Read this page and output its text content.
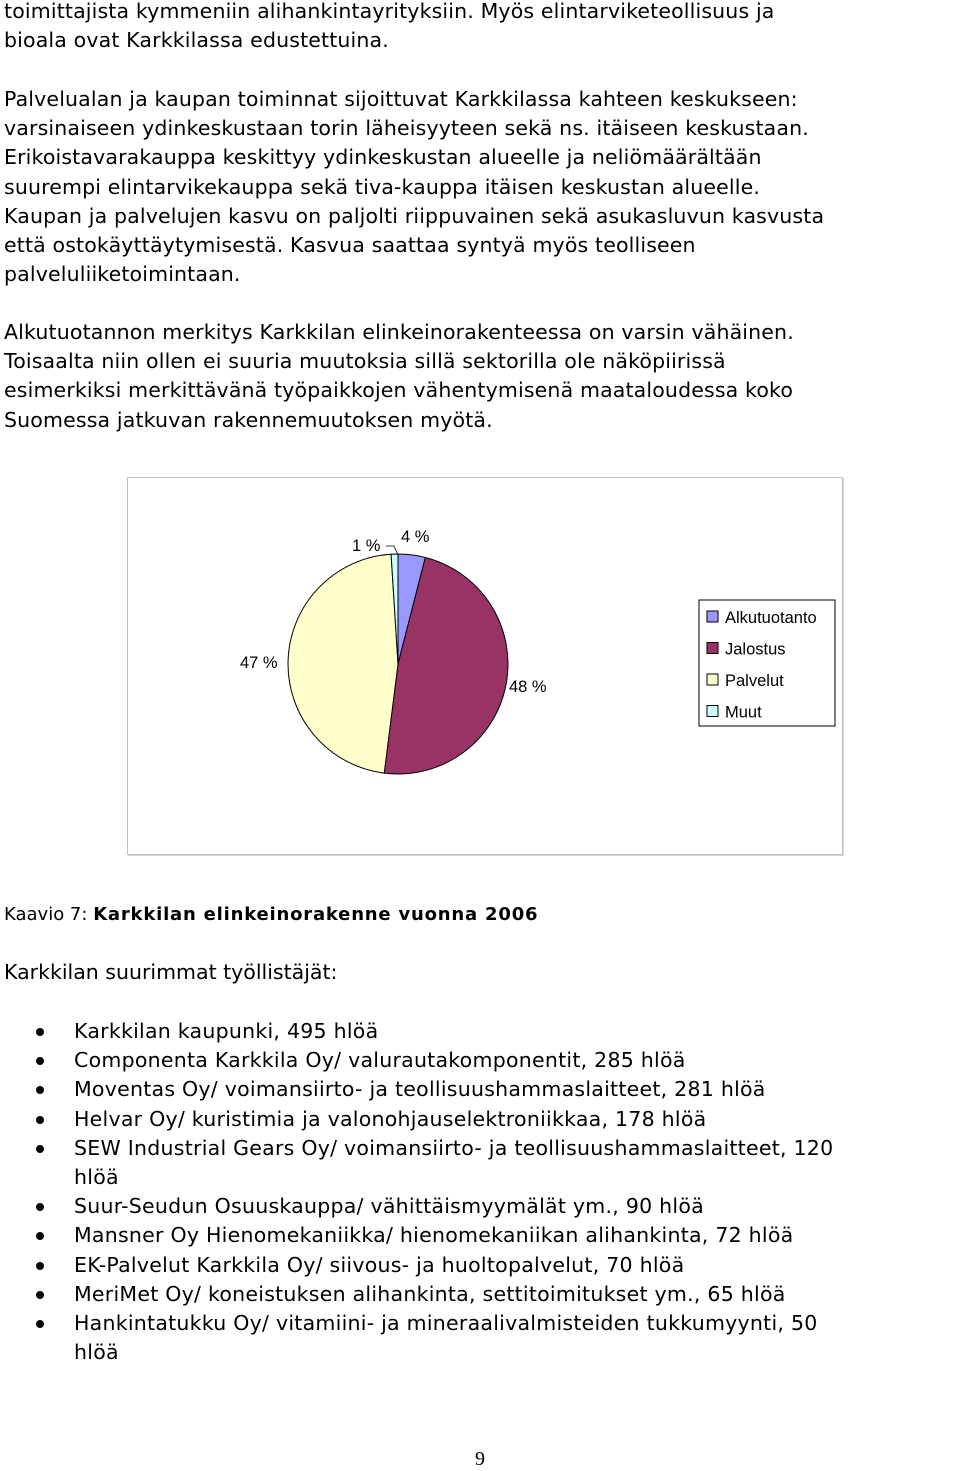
toimittajista kymmeniin alihankintayrityksiin. Myös elintarviketeollisuus ja
bioala ovat Karkkilassa edustettuina.
Palvelualan ja kaupan toiminnat sijoittuvat Karkkilassa kahteen keskukseen:
varsinaiseen ydinkeskustaan torin läheisyyteen sekä ns. itäiseen keskustaan.
Erikoistavarakauppa keskittyy ydinkeskustan alueelle ja neliömäärältään
suurempi elintarvikekauppa sekä tiva-kauppa itäisen keskustan alueelle.
Kaupan ja palvelujen kasvu on paljolti riippuvainen sekä asukasluvun kasvusta
että ostokäyttäytymisestä. Kasvua saattaa syntyä myös teolliseen
palveluliiketoimintaan.
Alkutuotannon merkitys Karkkilan elinkeinorakenteessa on varsin vähäinen.
Toisaalta niin ollen ei suuria muutoksia sillä sektorilla ole näköpiirissä
esimerkiksi merkittävänä työpaikkojen vähentymisenä maataloudessa koko
Suomessa jatkuvan rakennemuutoksen myötä.
4 %
48 %
47 %
1 %
Alkutuotanto
Jalostus
Palvelut
Muut
Kaavio 7: Karkkilan elinkeinorakenne vuonna 2006
Karkkilan suurimmat työllistäjät:
Karkkilan kaupunki, 495 hlöä
Componenta Karkkila Oy/ valurautakomponentit, 285 hlöä
Moventas Oy/ voimansiirto- ja teollisuushammaslaitteet, 281 hlöä
Helvar Oy/ kuristimia ja valonohjauselektroniikkaa, 178 hlöä
SEW Industrial Gears Oy/ voimansiirto- ja teollisuushammaslaitteet, 120
hlöä
Suur-Seudun Osuuskauppa/ vähittäismyymälät ym., 90 hlöä
Mansner Oy Hienomekaniikka/ hienomekaniikan alihankinta, 72 hlöä
EK-Palvelut Karkkila Oy/ siivous- ja huoltopalvelut, 70 hlöä
MeriMet Oy/ koneistuksen alihankinta, settitoimitukset ym., 65 hlöä
Hankintatukku Oy/ vitamiini- ja mineraalivalmisteiden tukkumyynti, 50
hlöä
9
